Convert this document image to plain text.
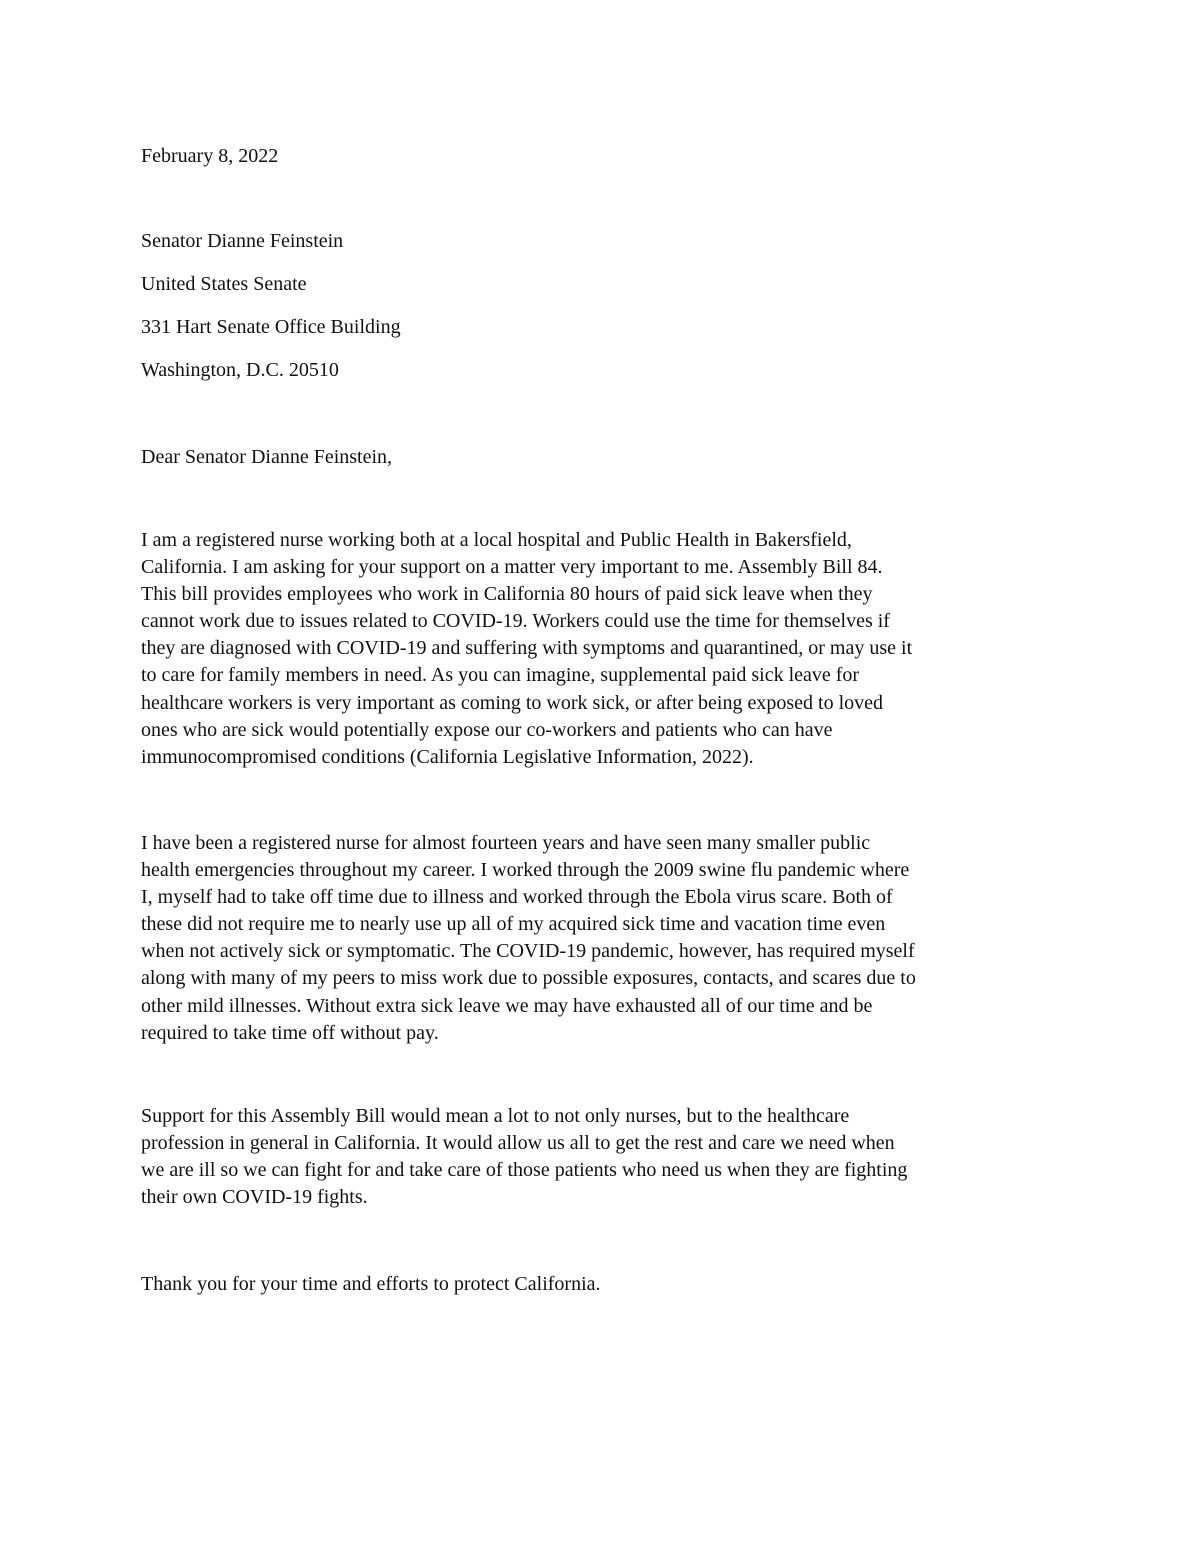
February 8, 2022

Senator Dianne Feinstein

United States Senate

331 Hart Senate Office Building

Washington, D.C. 20510

Dear Senator Dianne Feinstein,

I am a registered nurse working both at a local hospital and Public Health in Bakersfield,
California. I am asking for your support on a matter very important to me. Assembly Bill 84.
This bill provides employees who work in California 80 hours of paid sick leave when they
cannot work due to issues related to COVID-19. Workers could use the time for themselves if
they are diagnosed with COVID-19 and suffering with symptoms and quarantined, or may use it
to care for family members in need. As you can imagine, supplemental paid sick leave for
healthcare workers is very important as coming to work sick, or after being exposed to loved
ones who are sick would potentially expose our co-workers and patients who can have
immunocompromised conditions (California Legislative Information, 2022).
I have been a registered nurse for almost fourteen years and have seen many smaller public
health emergencies throughout my career. I worked through the 2009 swine flu pandemic where
I, myself had to take off time due to illness and worked through the Ebola virus scare. Both of
these did not require me to nearly use up all of my acquired sick time and vacation time even
when not actively sick or symptomatic. The COVID-19 pandemic, however, has required myself
along with many of my peers to miss work due to possible exposures, contacts, and scares due to
other mild illnesses. Without extra sick leave we may have exhausted all of our time and be
required to take time off without pay.
Support for this Assembly Bill would mean a lot to not only nurses, but to the healthcare
profession in general in California. It would allow us all to get the rest and care we need when
we are ill so we can fight for and take care of those patients who need us when they are fighting
their own COVID-19 fights.

Thank you for your time and efforts to protect California.
